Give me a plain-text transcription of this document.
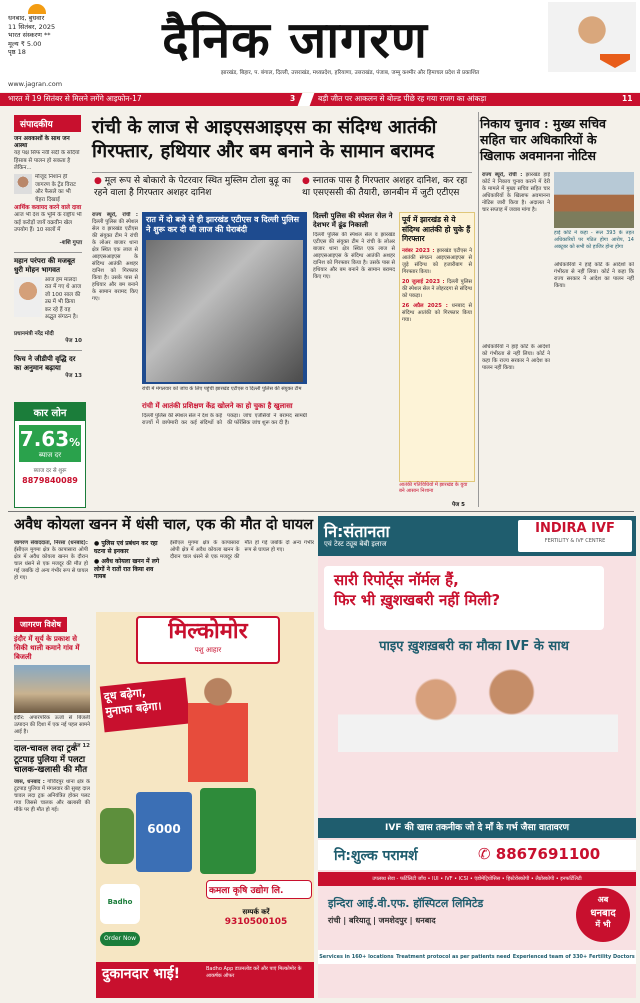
धनबाद, बुधवार
11 सितंबर, 2025
भारत संस्करण **
मूल्य ₹ 5.00
पृष्ठ 18	दैनिक जागरण
झारखंड, बिहार, प. बंगाल, दिल्ली, उत्तराखंड, मध्यप्रदेश, हरियाणा, उत्तराखंड, पंजाब, जम्मू कश्मीर और हिमाचल प्रदेश से प्रकाशित
www.jagran.com
भारत में 19 सितंबर से मिलने लगेंगे आइफोन-17	3	बड़ी जीत पर आकलन से बोल्ड पीछे रह गया राजग का आंकड़ा	11
संपादकीय
जन अवकाशों के साथ जन आस्था
यह पक्ष सिफ नवी सदी के सदियों हिसाब से पालन हो सकता है लेकिन...
मौजूद निशान ही जागरण के ट्रेंड विराट और फैसले का भी चेहरा दिखाई
आर्थिक कवायद करने वाले दावा
आज भी देश के भूमि के राष्ट्रीय भी कई करोड़ों जायें वक्रवीन खेल उपयोग हैं। 10 सालों में
-शशि गुप्ता
महान परंपरा की मजबूत धुरी मोहन भागवत
आज हम मालदा रात में गए थे आज जो 100 साल की उम्र में भी क्रिया कर रहे हैं वह अद्भुत संगठन है।
प्रधानमंत्री नरेंद्र मोदी
पेज 10
फिच ने जीडीपी वृद्धि दर का अनुमान बढ़ाया
पेज 13
कार लोन
7.63%
ब्याज दर
ब्याज दर से शुरू
8879840089
रांची के लाज से आइएसआइएस का संदिग्ध आतंकी गिरफ्तार, हथियार और बम बनाने के सामान बरामद
● मूल रूप से बोकारो के पेटरवार स्थित मुस्लिम टोला बुढ़ू का रहने वाला है गिरफ्तार अशहर दानिश
● स्नातक पास है गिरफ्तार अशहर दानिश, कर रहा था एसएससी की तैयारी, छानबीन में जुटी एटीएस
राज्य ब्यूरो, रांची : दिल्ली पुलिस की स्पेशल सेल व झारखंड एटीएस की संयुक्त टीम ने रांची के लोअर बाजार थाना क्षेत्र स्थित एक लाज से आइएसआइएस के संदिग्ध आतंकी अशहर दानिश को गिरफ्तार किया है। उसके पास से हथियार और बम बनाने के सामान बरामद किए गए।
रात में दो बजे से ही झारखंड एटीएस व दिल्ली पुलिस ने शुरू कर दी थी लाज की घेराबंदी
रांची में मंगलवार को जांच के लिए पहुंची झारखंड एटीएस व दिल्ली पुलिस की संयुक्त टीम
रांची में आतंकी प्रशिक्षण केंद्र खोलने का हो चुका है खुलासा
दिल्ली पुलिस की स्पेशल सेल ने देश के कई राज्यों में छापेमारी कर कई संदिग्धों को पकड़ा। जांच एजेंसियों ने बरामद सामग्री की फोरेंसिक जांच शुरू कर दी है।
दिल्ली पुलिस की स्पेशल सेल ने देशभर में ढूंढ निकाली
दिल्ली पुलिस की स्पेशल सेल व झारखंड एटीएस की संयुक्त टीम ने रांची के लोअर बाजार थाना क्षेत्र स्थित एक लाज से आइएसआइएस के संदिग्ध आतंकी अशहर दानिश को गिरफ्तार किया है। उसके पास से हथियार और बम बनाने के सामान बरामद किए गए।
पूर्व में झारखंड से ये संदिग्ध आतंकी हो चुके हैं गिरफ्तार
नवंबर 2023 : झारखंड एटीएस ने आतंकी संगठन आइएसआइएस से जुड़े संदिग्ध को हजारीबाग से गिरफ्तार किया।
20 जुलाई 2023 : दिल्ली पुलिस की स्पेशल सेल ने लोहरदगा से संदिग्ध को पकड़ा।
26 अप्रैल 2025 : धनबाद से संदिग्ध आतंकी को गिरफ्तार किया गया।
आतंकी गतिविधियों में झारखंड के युवा बने आसान निशाना
पेज 5
निकाय चुनाव : मुख्य सचिव सहित चार अधिकारियों के खिलाफ अवमानना नोटिस
राज्य ब्यूरो, रांची : झारखंड हाई कोर्ट ने निकाय चुनाव कराने में देरी के मामले में मुख्य सचिव सहित चार अधिकारियों के खिलाफ अवमानना नोटिस जारी किया है। अदालत ने चार सप्ताह में जवाब मांगा है।
हाई कोर्ट ने कहा - रूल 393 के तहत अधिकारियों पर गठित होगा आरोप, 14 अक्टूबर को सभी को हाजिर होना होगा
अधिकारियों ने हाई कोर्ट के आदेशों को गंभीरता से नहीं लिया। कोर्ट ने कहा कि राज्य सरकार ने आदेश का पालन नहीं किया।
अधिकारियों ने हाई कोर्ट के आदेशों को गंभीरता से नहीं लिया। कोर्ट ने कहा कि राज्य सरकार ने आदेश का पालन नहीं किया।
अवैध कोयला खनन में धंसी चाल, एक की मौत दो घायल
जागरण संवाददाता, निरसा (धनबाद): ईसीएल मुगमा क्षेत्र के कापासारा ओपी क्षेत्र में अवैध कोयला खनन के दौरान चाल धंसने से एक मजदूर की मौत हो गई जबकि दो अन्य गंभीर रूप से घायल हो गए।
● पुलिस एवं प्रबंधन कर रहा घटना से इनकार
● अवैध कोयला खनन में लगे लोगों ने रातों रात किया शव गायब
ईसीएल मुगमा क्षेत्र के कापासारा ओपी क्षेत्र में अवैध कोयला खनन के दौरान चाल धंसने से एक मजदूर की मौत हो गई जबकि दो अन्य गंभीर रूप से घायल हो गए।
जागरण विशेष
इंदौर में सूर्य के प्रकाश से सिकी थाली कमाने गांव में बिजली
इंदौर: अपारंपरिक ऊर्जा से बिजली उत्पादन की दिशा में एक नई पहल सामने आई है।
पेज 12
दाल-चावल लदा ट्रक टूटपाड़ पुलिया में पलटा चालक-खलासी की मौत
जास, धनबाद : गोविंदपुर थाना क्षेत्र के टूटपाड़ पुलिया में मंगलवार की सुबह दाल चावल लदा ट्रक अनियंत्रित होकर पलट गया जिससे चालक और खलासी की मौके पर ही मौत हो गई।
मिल्कोमोर
पशु आहार
दूध बढ़ेगा,
मुनाफा बढ़ेगा।
6000
कमला कृषि उद्योग लि.
सम्पर्क करें
9310500105
Badho
Order Now
दुकानदार भाई!	Badho App डाउनलोड करें और पाएं मिल्कोमोर के आकर्षक ऑफर
नि:संतानता
एवं टेस्ट ट्यूब बेबी इलाज
INDIRA IVF
FERTILITY & IVF CENTRE
सारी रिपोर्ट्स नॉर्मल हैं,
फिर भी ख़ुशखबरी नहीं मिली?
पाइए ख़ुशख़बरी का मौका IVF के साथ
IVF की खास तकनीक जो दे माँ के गर्भ जैसा वातावरण
नि:शुल्क परामर्श	✆ 8867691100
उपलब्ध सेवा - फर्टिलिटी जाँच • IUI • IVF • ICSI • एंडोमेट्रियोसिस • हिस्टेरोस्कोपी • लैप्रोस्कोपी • इनफर्टिलिटी
इन्दिरा आई.वी.एफ. हॉस्पिटल लिमिटेड
रांची | बरियातू | जमशेदपुर | धनबाद
अब
धनबाद
में भी
Services in 160+ locations Treatment protocol as per patients need Experienced team of 330+ Fertility Doctors
